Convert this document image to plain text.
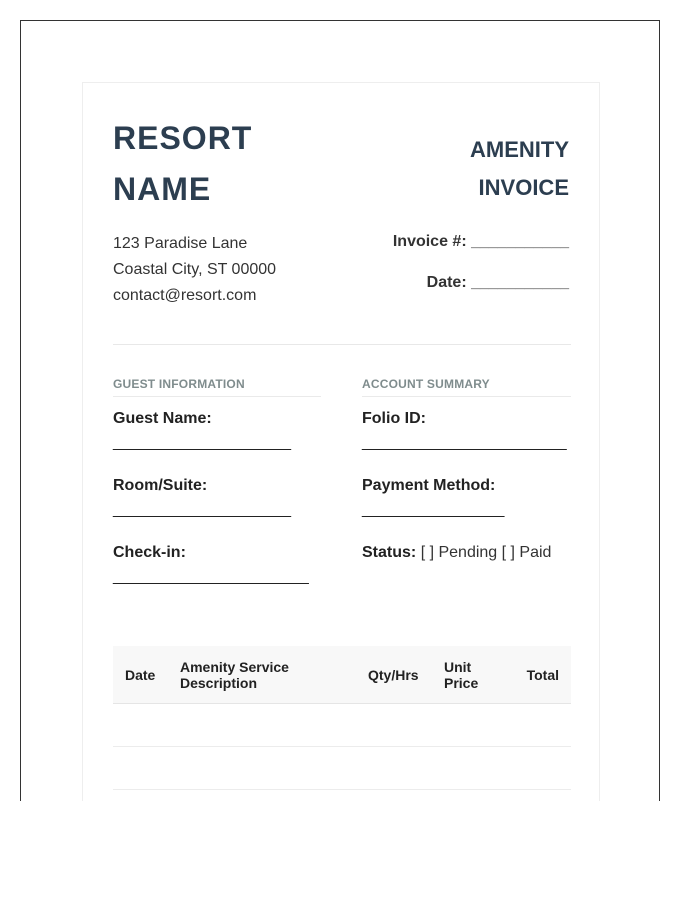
RESORT NAME
AMENITY INVOICE
123 Paradise Lane
Coastal City, ST 00000
contact@resort.com
Invoice #: ___________
Date: ___________
GUEST INFORMATION
Guest Name:
____________________
Room/Suite:
____________________
Check-in:
______________________
ACCOUNT SUMMARY
Folio ID:
_______________________
Payment Method:
________________
Status: [ ] Pending [ ] Paid
Date	Amenity Service Description	Qty/Hrs	Unit Price	Total
